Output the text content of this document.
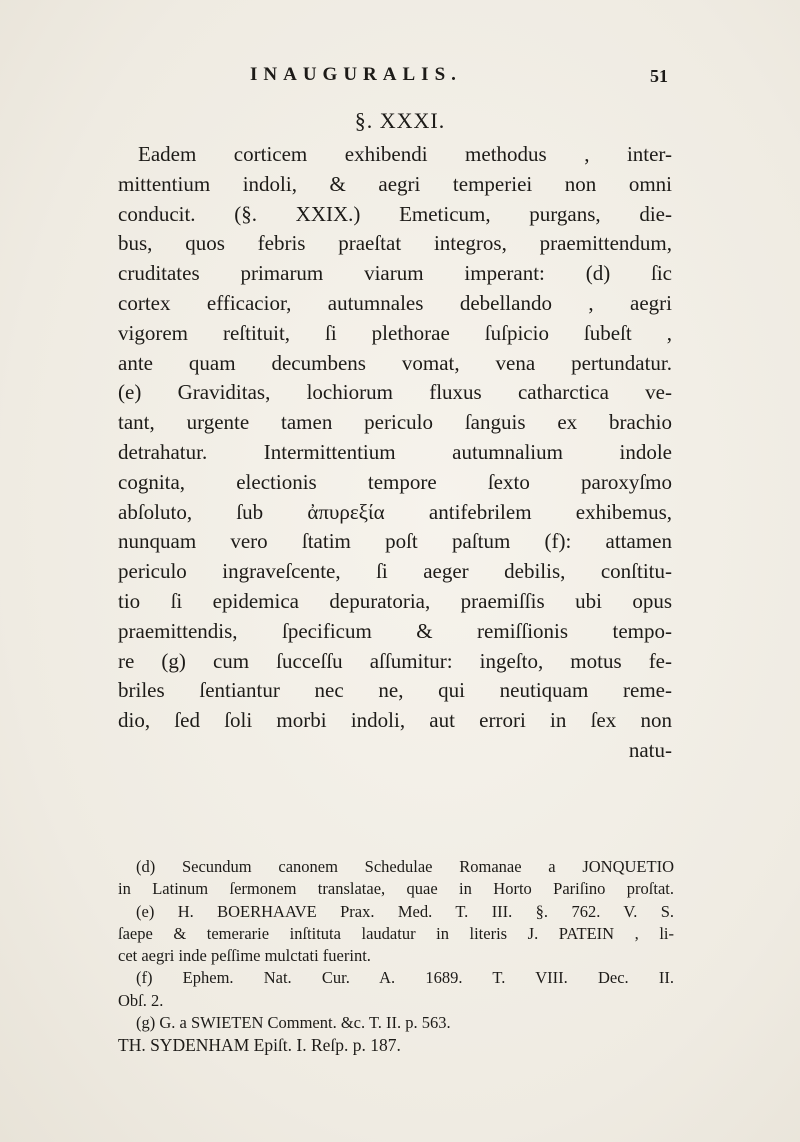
INAUGURALIS.	51
§. XXXI.
Eadem corticem exhibendi methodus , inter-
mittentium indoli, & aegri temperiei non omni
conducit. (§. XXIX.) Emeticum, purgans, die-
bus, quos febris praeſtat integros, praemittendum,
cruditates primarum viarum imperant: (d) ſic
cortex efficacior, autumnales debellando , aegri
vigorem reſtituit, ſi plethorae ſuſpicio ſubeſt ,
ante quam decumbens vomat, vena pertundatur.
(e) Graviditas, lochiorum fluxus catharctica ve-
tant, urgente tamen periculo ſanguis ex brachio
detrahatur. Intermittentium autumnalium indole
cognita, electionis tempore ſexto paroxyſmo
abſoluto, ſub ἀπυρεξία antifebrilem exhibemus,
nunquam vero ſtatim poſt paſtum (f): attamen
periculo ingraveſcente, ſi aeger debilis, conſtitu-
tio ſi epidemica depuratoria, praemiſſis ubi opus
praemittendis, ſpecificum & remiſſionis tempo-
re (g) cum ſucceſſu aſſumitur: ingeſto, motus fe-
briles ſentiantur nec ne, qui neutiquam reme-
dio, ſed ſoli morbi indoli, aut errori in ſex non
natu-
(d) Secundum canonem Schedulae Romanae a JONQUETIO
in Latinum ſermonem translatae, quae in Horto Pariſino proſtat.
(e) H. BOERHAAVE Prax. Med. T. III. §. 762. V. S.
ſaepe & temerarie inſtituta laudatur in literis J. PATEIN , li-
cet aegri inde peſſime mulctati fuerint.
(f) Ephem. Nat. Cur. A. 1689. T. VIII. Dec. II.
Obſ. 2.
(g) G. a SWIETEN Comment. &c. T. II. p. 563.
TH. SYDENHAM Epiſt. I. Reſp. p. 187.
